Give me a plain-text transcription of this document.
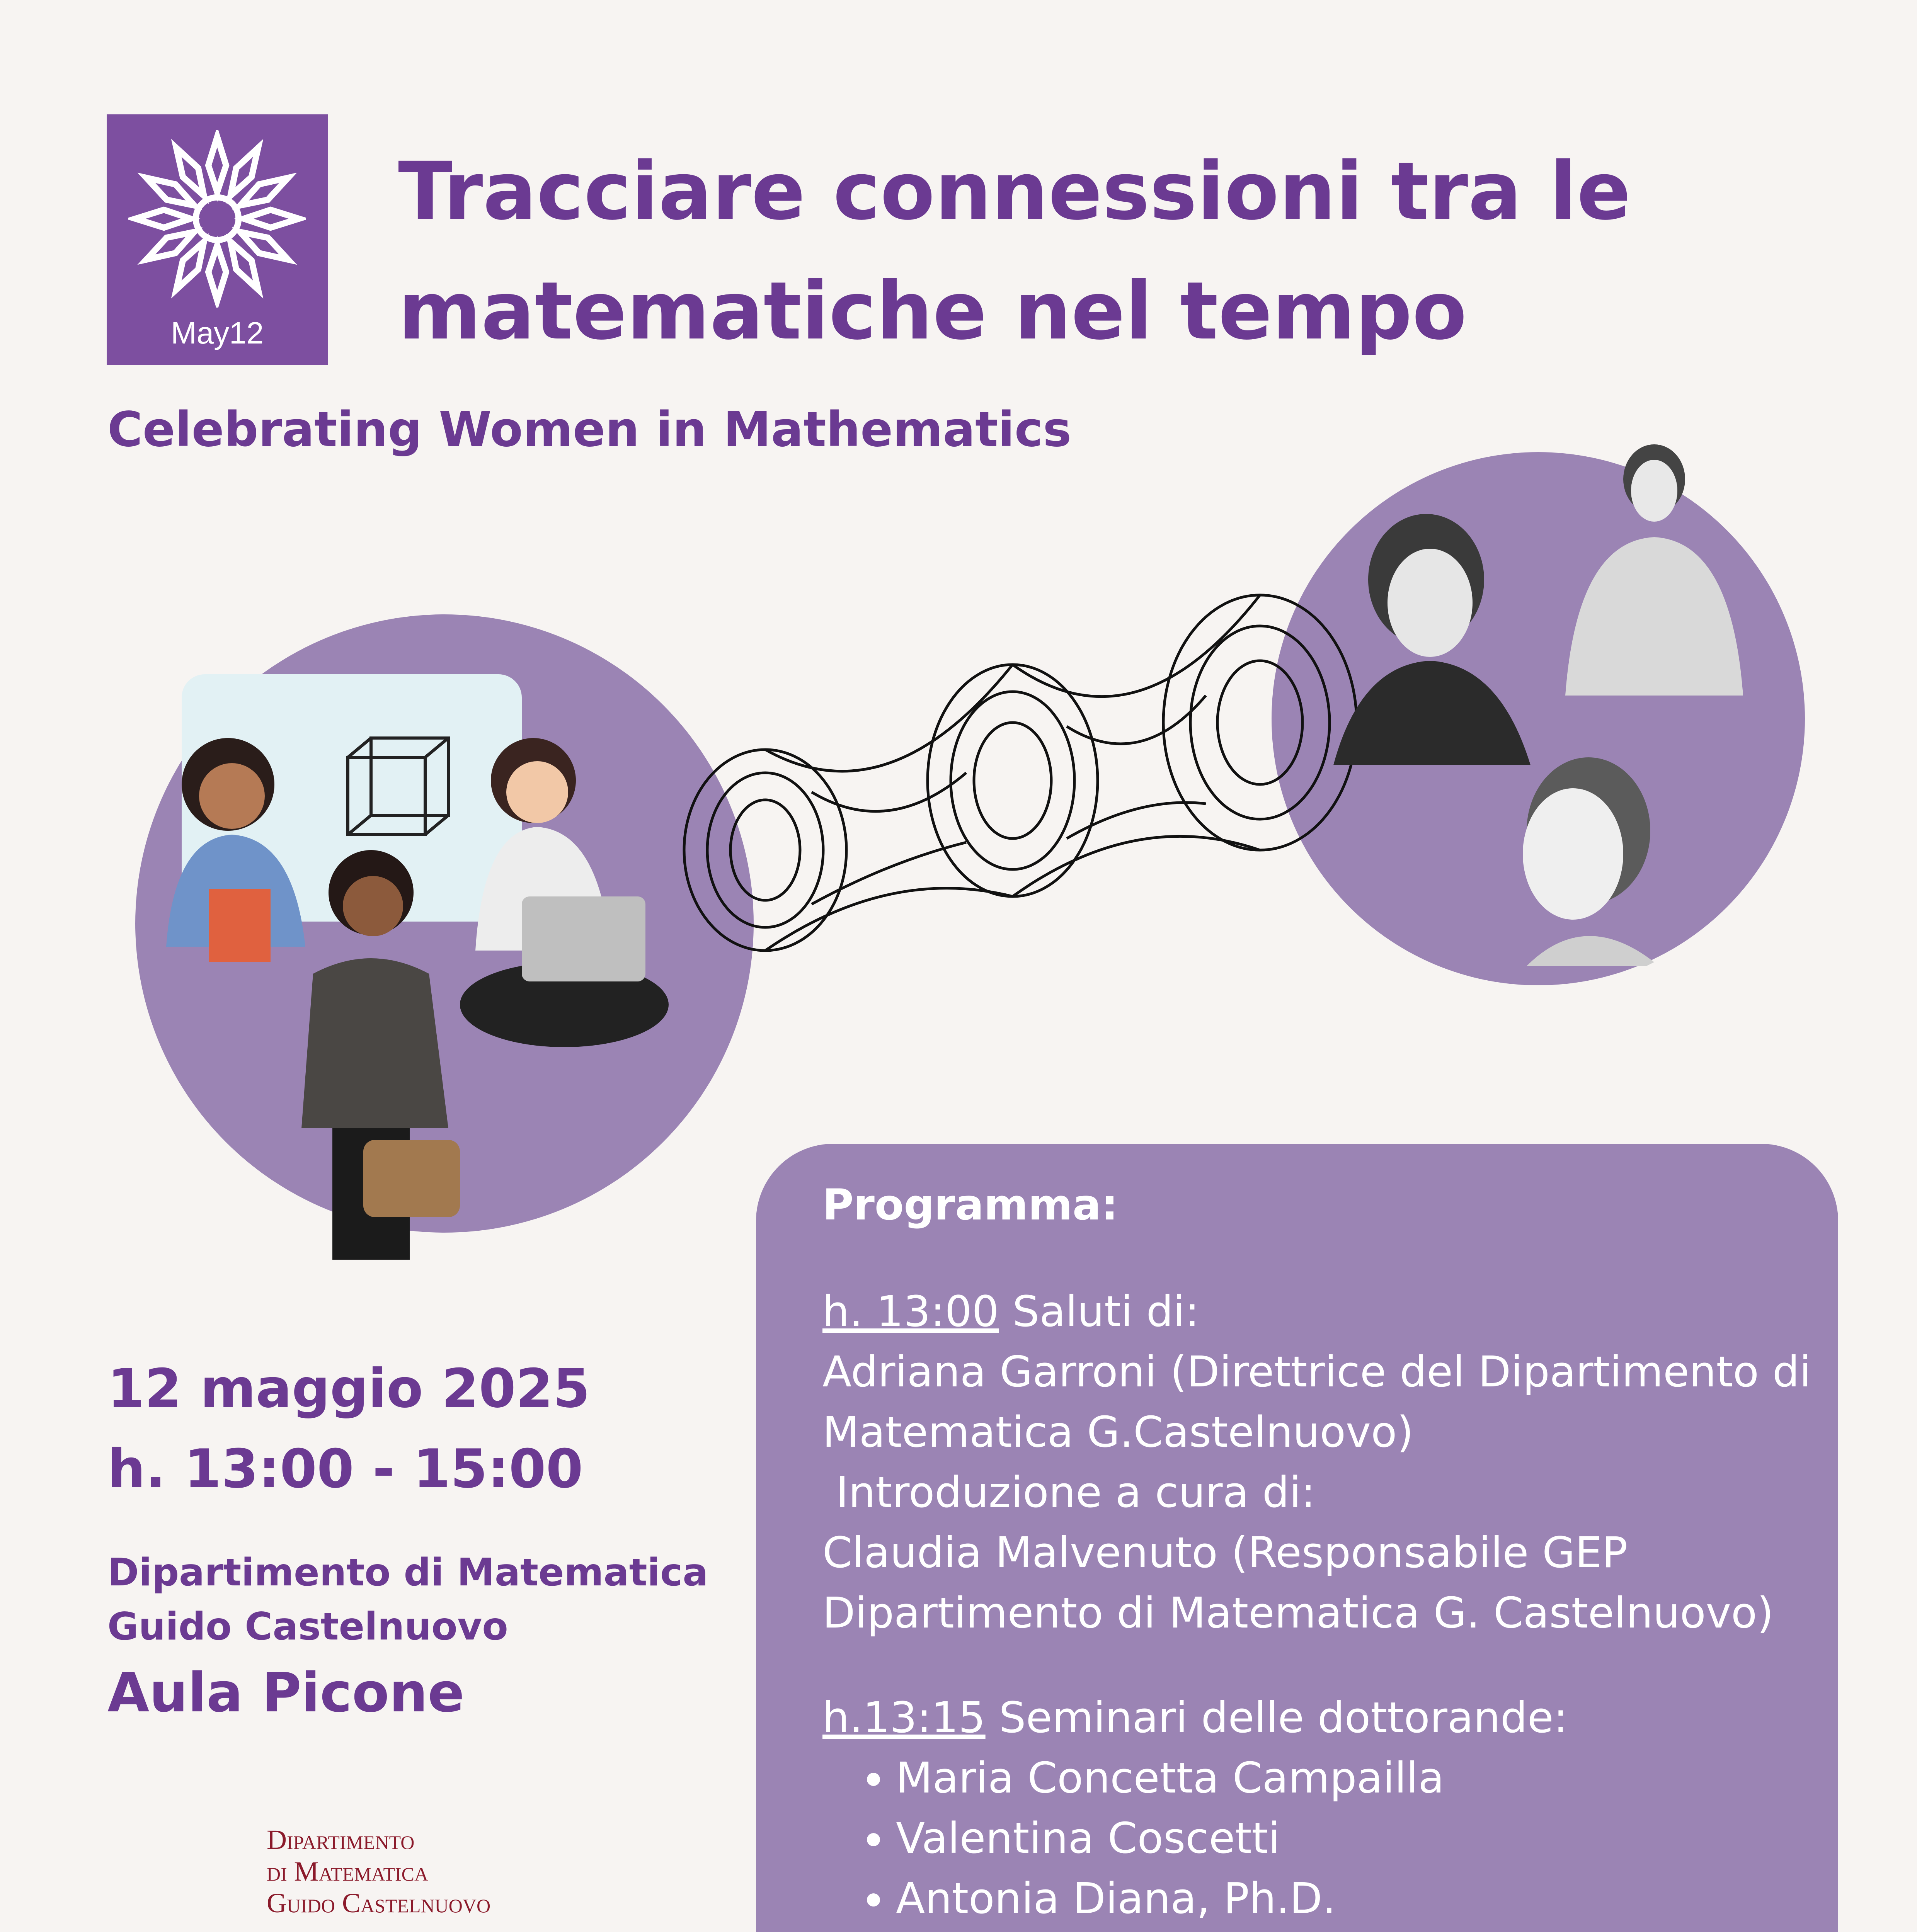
May12
Tracciare connessioni tra le
matematiche nel tempo
Celebrating Women in Mathematics
12 maggio 2025
h. 13:00 - 15:00
Dipartimento di Matematica
Guido Castelnuovo
Aula Picone
Dipartimento
di Matematica
Guido Castelnuovo
Programma:
h. 13:00 Saluti di:
Adriana Garroni (Direttrice del Dipartimento di
Matematica G.Castelnuovo)
Introduzione a cura di:
Claudia Malvenuto (Responsabile GEP
Dipartimento di Matematica G. Castelnuovo)
h.13:15 Seminari delle dottorande:
• Maria Concetta Campailla
• Valentina Coscetti
• Antonia Diana, Ph.D.
•
